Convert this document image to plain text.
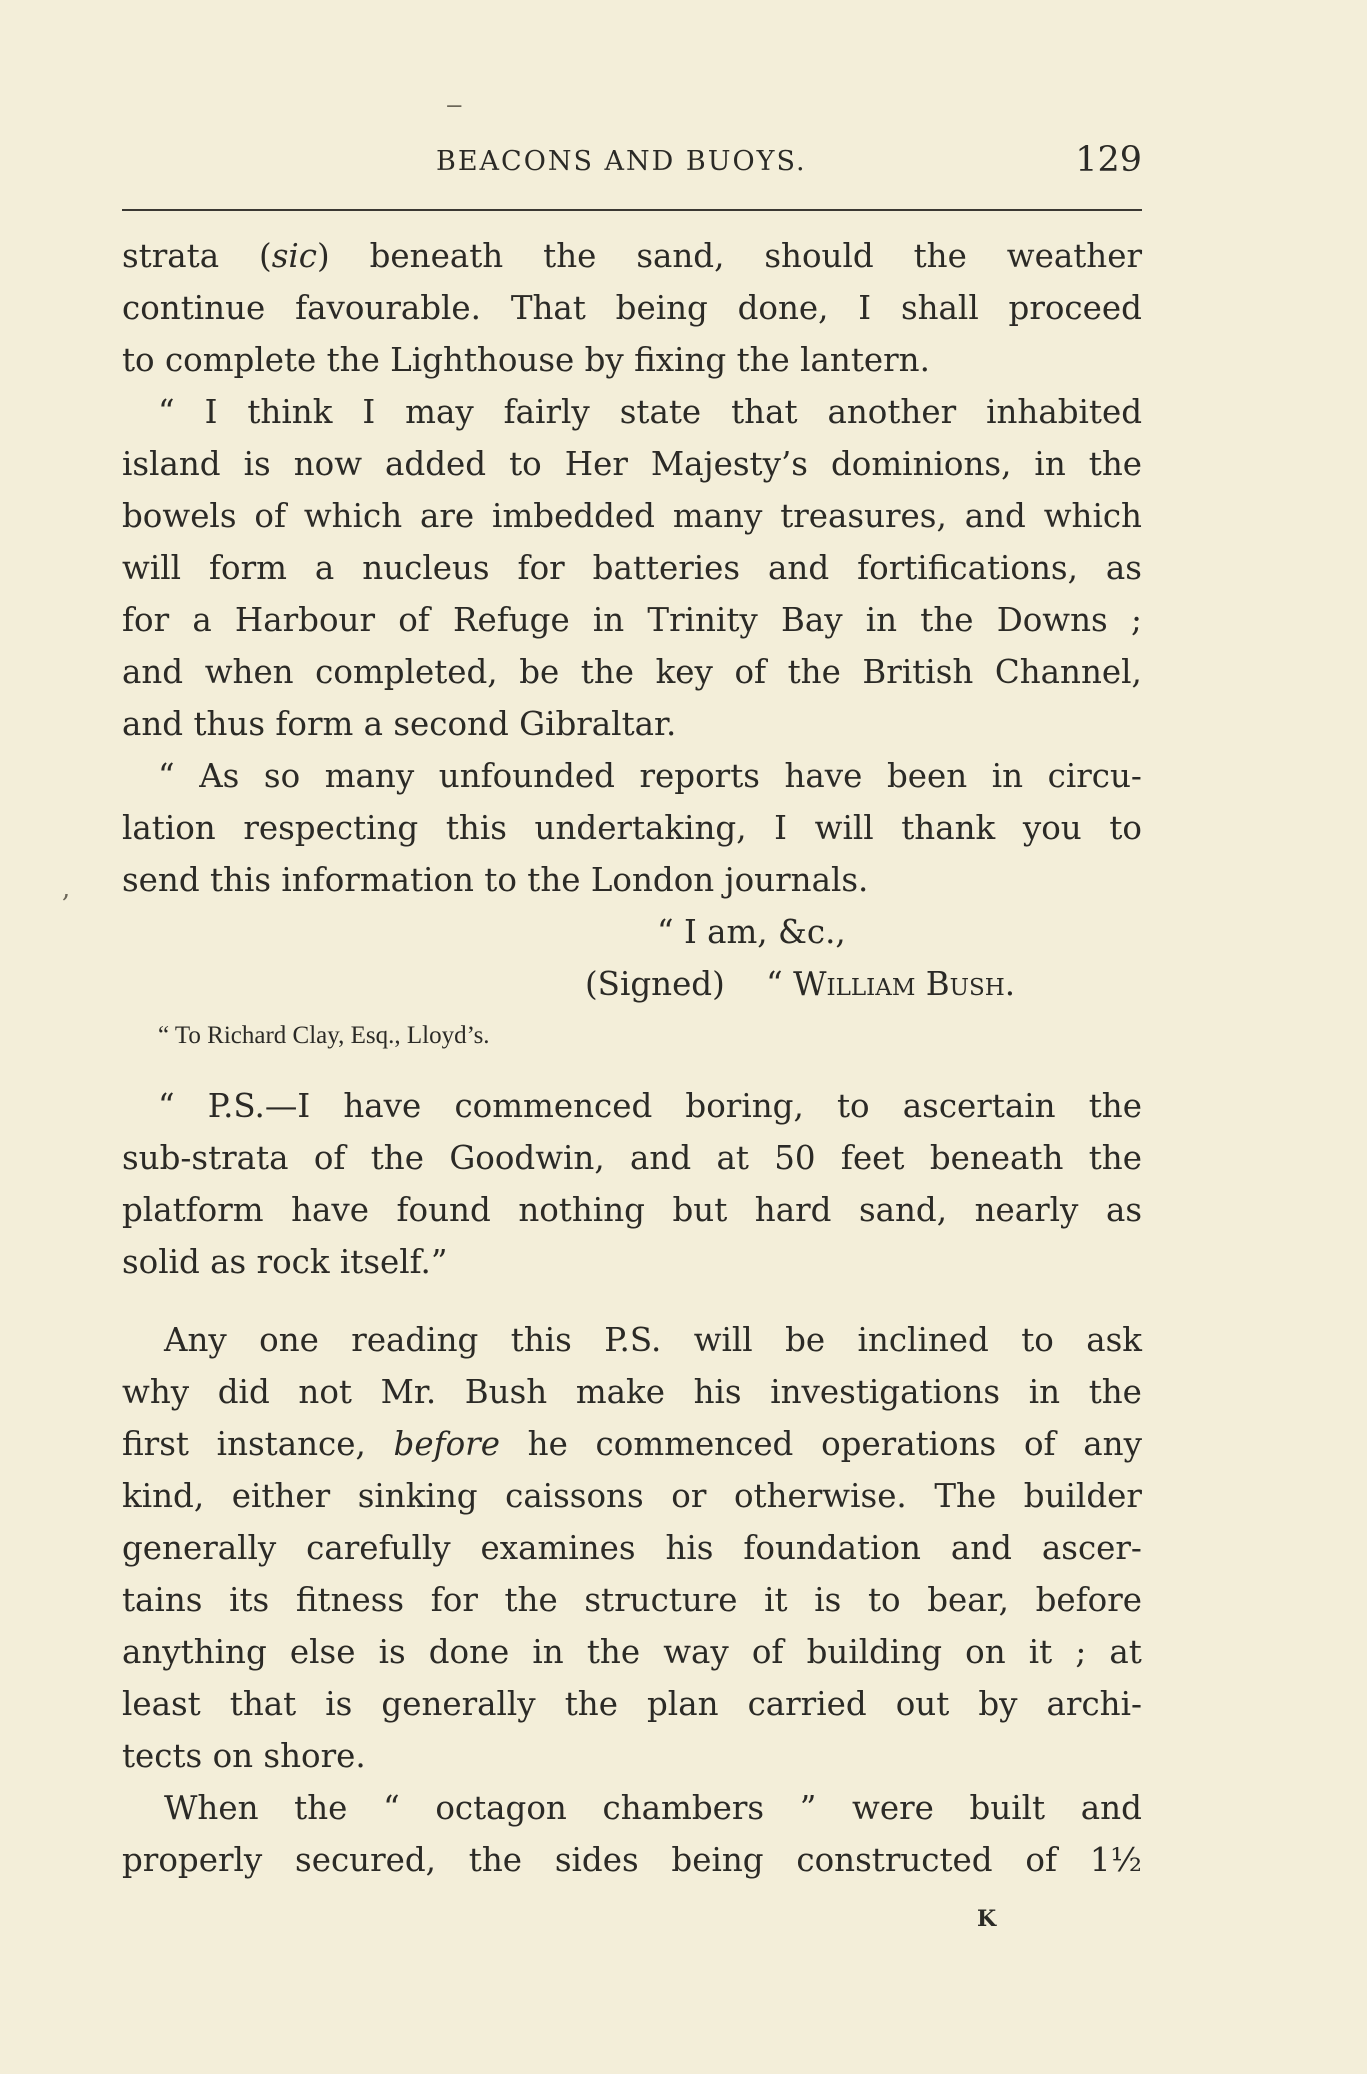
BEACONS AND BUOYS.	129
‒
,
strata (sic) beneath the sand, should the weather
continue favourable. That being done, I shall proceed
to complete the Lighthouse by fixing the lantern.
“ I think I may fairly state that another inhabited
island is now added to Her Majesty’s dominions, in the
bowels of which are imbedded many treasures, and which
will form a nucleus for batteries and fortifications, as
for a Harbour of Refuge in Trinity Bay in the Downs ;
and when completed, be the key of the British Channel,
and thus form a second Gibraltar.
“ As so many unfounded reports have been in circu-
lation respecting this undertaking, I will thank you to
send this information to the London journals.
“ I am, &c.,
(Signed) “ William Bush.
“ To Richard Clay, Esq., Lloyd’s.
“ P.S.—I have commenced boring, to ascertain the
sub-strata of the Goodwin, and at 50 feet beneath the
platform have found nothing but hard sand, nearly as
solid as rock itself.”
Any one reading this P.S. will be inclined to ask
why did not Mr. Bush make his investigations in the
first instance, before he commenced operations of any
kind, either sinking caissons or otherwise. The builder
generally carefully examines his foundation and ascer-
tains its fitness for the structure it is to bear, before
anything else is done in the way of building on it ; at
least that is generally the plan carried out by archi-
tects on shore.
When the “ octagon chambers ” were built and
properly secured, the sides being constructed of 1½
K
